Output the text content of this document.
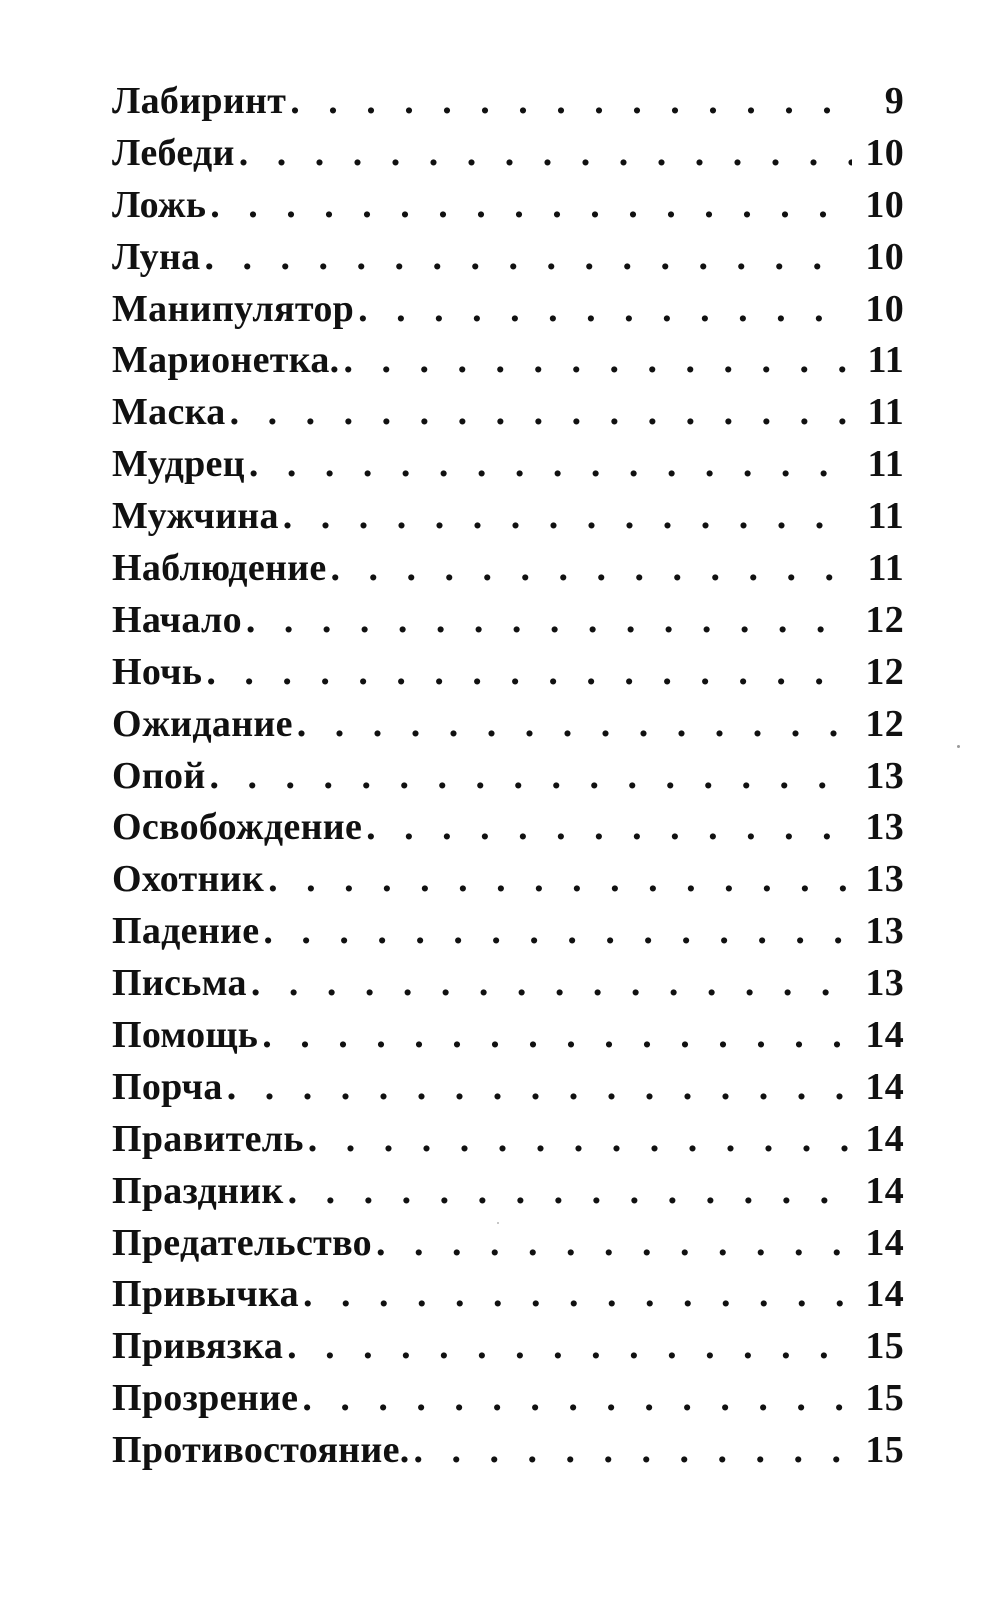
Лабиринт . . .	9
Лебеди . . .	10
Ложь . . .	10
Луна . . .	10
Манипулятор . . .	10
Марионетка. . . .	11
Маска . . .	11
Мудрец . . .	11
Мужчина . . .	11
Наблюдение . . .	11
Начало . . .	12
Ночь . . .	12
Ожидание . . .	12
Опой . . .	13
Освобождение . . .	13
Охотник . . .	13
Падение . . .	13
Письма . . .	13
Помощь . . .	14
Порча . . .	14
Правитель . . .	14
Праздник . . .	14
Предательство . . .	14
Привычка . . .	14
Привязка . . .	15
Прозрение . . .	15
Противостояние. . . .	15
